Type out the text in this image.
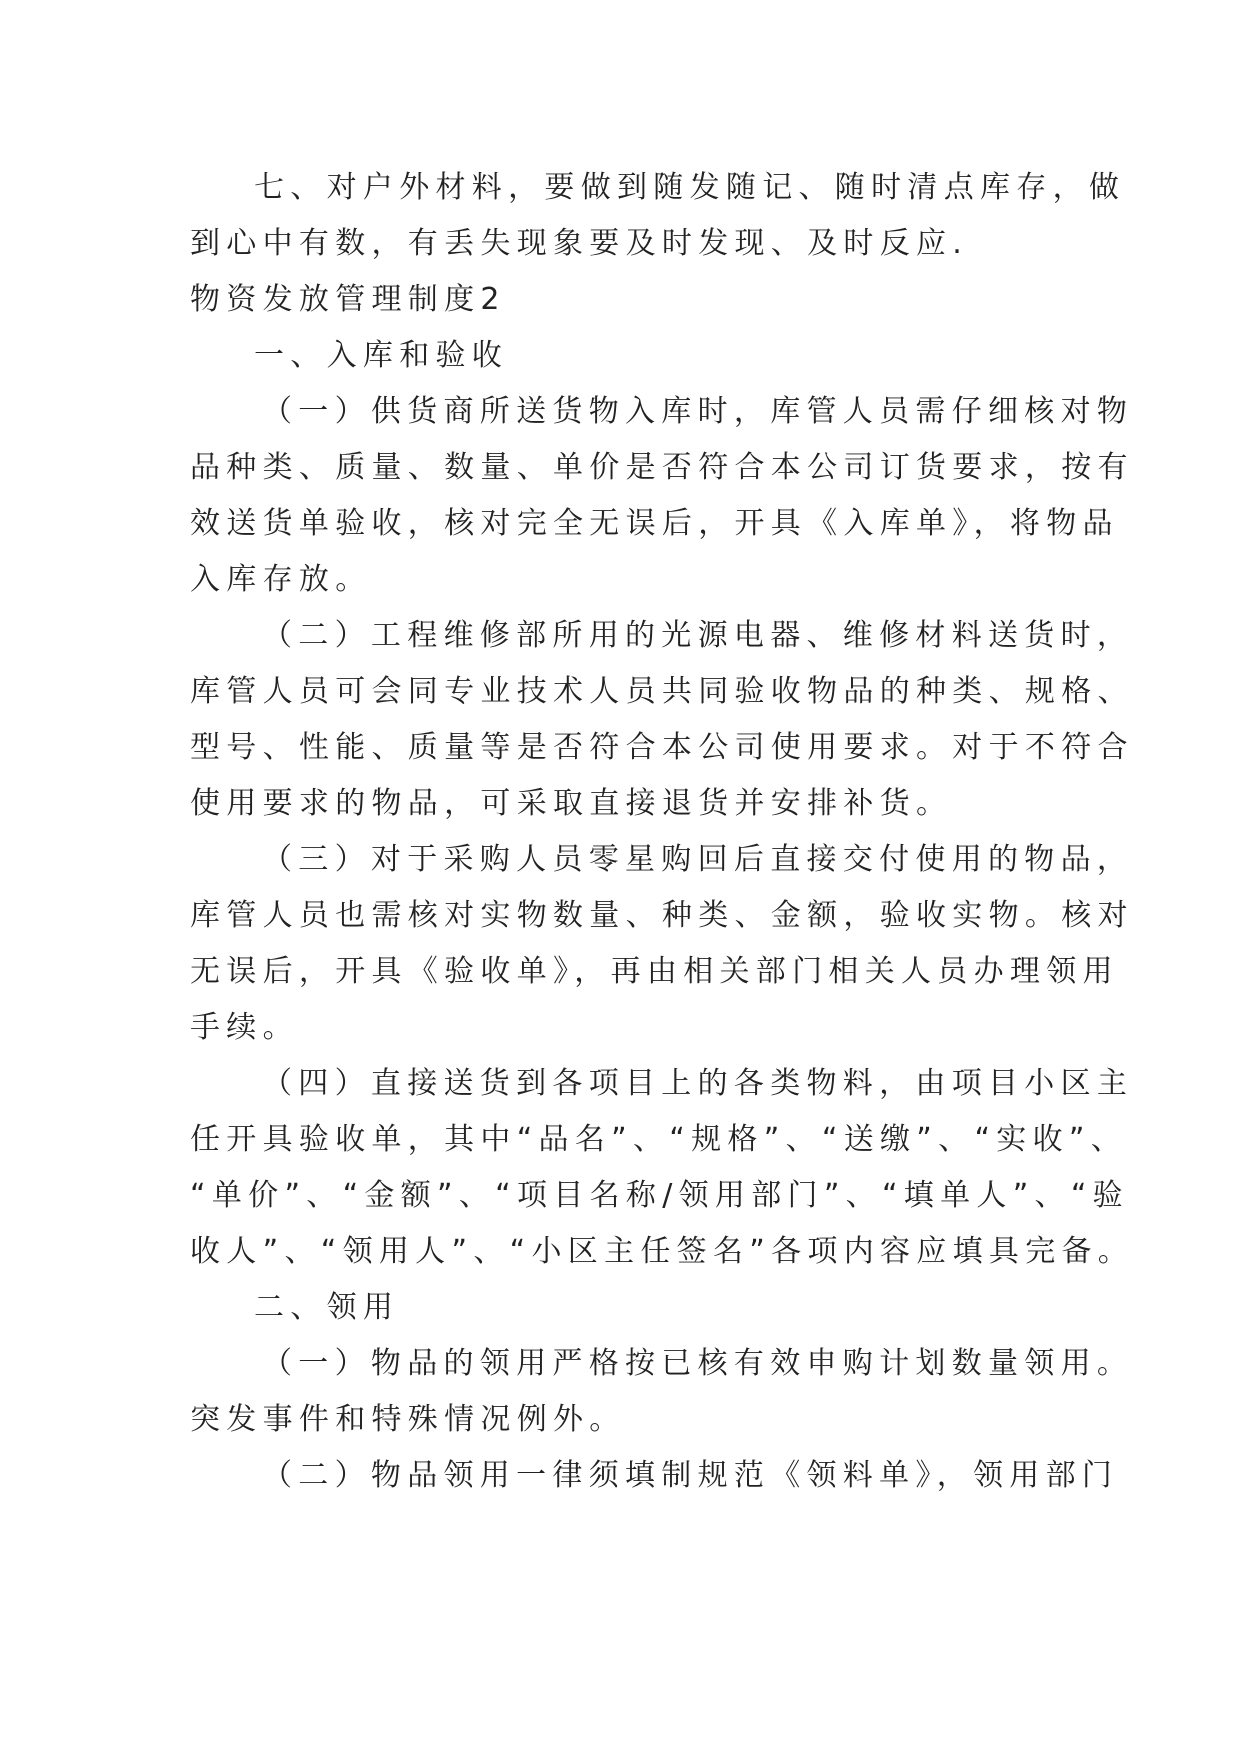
七、对户外材料，要做到随发随记、随时清点库存，做
到心中有数，有丢失现象要及时发现、及时反应.
物资发放管理制度2
一、入库和验收
（一）供货商所送货物入库时，库管人员需仔细核对物
品种类、质量、数量、单价是否符合本公司订货要求，按有
效送货单验收，核对完全无误后，开具《入库单》，将物品
入库存放。
（二）工程维修部所用的光源电器、维修材料送货时，
库管人员可会同专业技术人员共同验收物品的种类、规格、
型号、性能、质量等是否符合本公司使用要求。对于不符合
使用要求的物品，可采取直接退货并安排补货。
（三）对于采购人员零星购回后直接交付使用的物品，
库管人员也需核对实物数量、种类、金额，验收实物。核对
无误后，开具《验收单》，再由相关部门相关人员办理领用
手续。
（四）直接送货到各项目上的各类物料，由项目小区主
任开具验收单，其中“品名”、“规格”、“送缴”、“实收”、
“单价”、“金额”、“项目名称/领用部门”、“填单人”、“验
收人”、“领用人”、“小区主任签名”各项内容应填具完备。
二、领用
（一）物品的领用严格按已核有效申购计划数量领用。
突发事件和特殊情况例外。
（二）物品领用一律须填制规范《领料单》，领用部门
